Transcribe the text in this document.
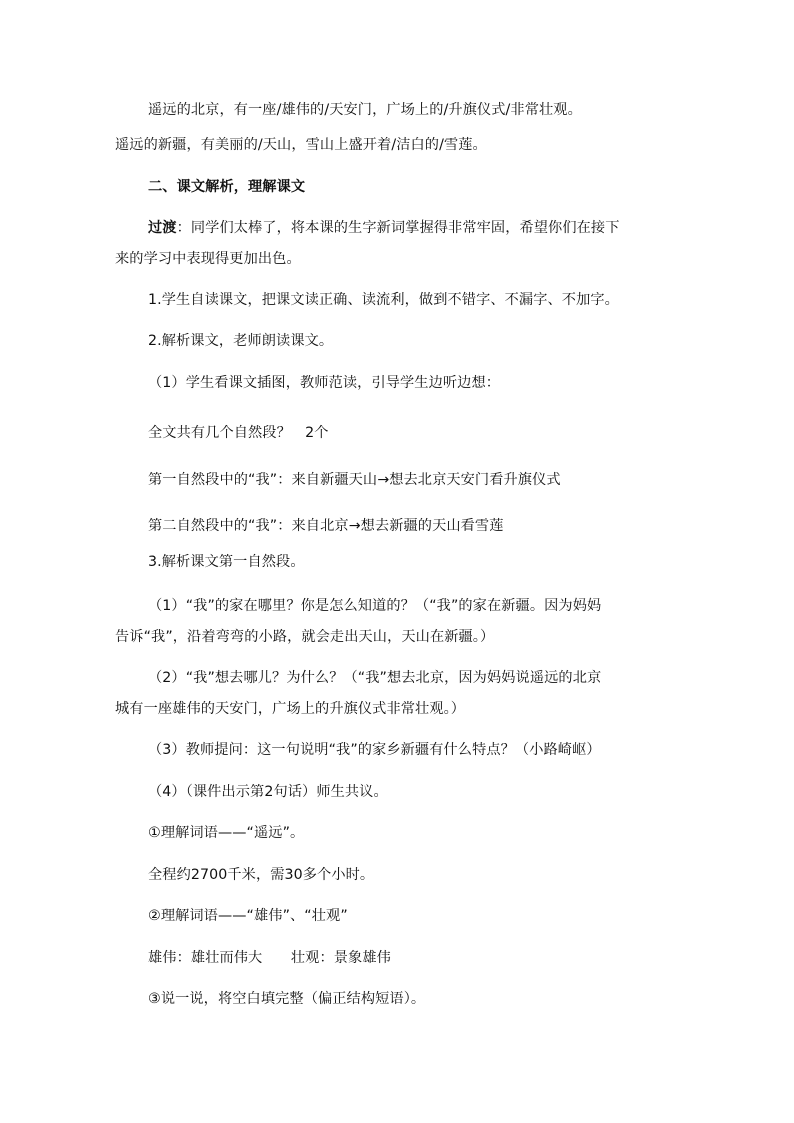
遥远的北京，有一座/雄伟的/天安门，广场上的/升旗仪式/非常壮观。
遥远的新疆，有美丽的/天山，雪山上盛开着/洁白的/雪莲。
二、课文解析，理解课文
过渡：同学们太棒了，将本课的生字新词掌握得非常牢固，希望你们在接下
来的学习中表现得更加出色。
1.学生自读课文，把课文读正确、读流利，做到不错字、不漏字、不加字。
2.解析课文，老师朗读课文。
（1）学生看课文插图，教师范读，引导学生边听边想：
全文共有几个自然段？　2个
第一自然段中的“我”：来自新疆天山→想去北京天安门看升旗仪式
第二自然段中的“我”：来自北京→想去新疆的天山看雪莲
3.解析课文第一自然段。
（1）“我”的家在哪里？你是怎么知道的？（“我”的家在新疆。因为妈妈
告诉“我”，沿着弯弯的小路，就会走出天山，天山在新疆。）
（2）“我”想去哪儿？为什么？（“我”想去北京，因为妈妈说遥远的北京
城有一座雄伟的天安门，广场上的升旗仪式非常壮观。）
（3）教师提问：这一句说明“我”的家乡新疆有什么特点？（小路崎岖）
（4）（课件出示第2句话）师生共议。
①理解词语——“遥远”。
全程约2700千米，需30多个小时。
②理解词语——“雄伟”、“壮观”
雄伟：雄壮而伟大　　壮观：景象雄伟
③说一说，将空白填完整（偏正结构短语）。
